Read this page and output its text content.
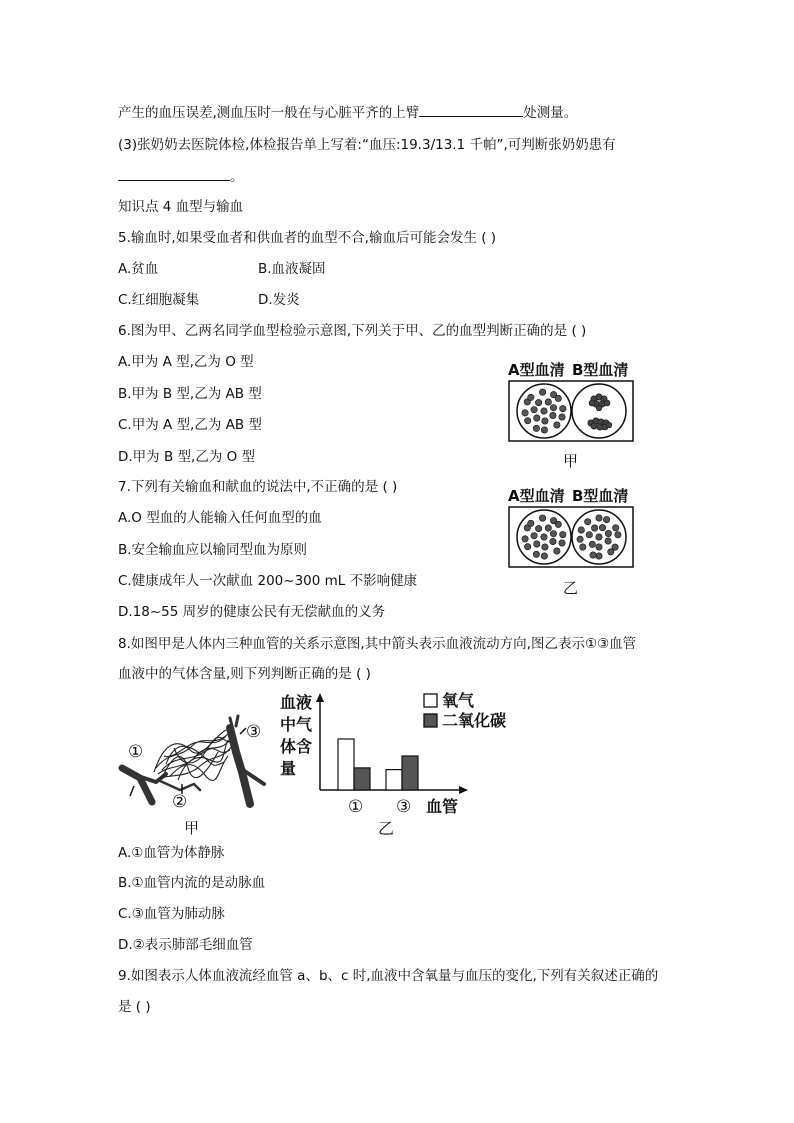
产生的血压误差,测血压时一般在与心脏平齐的上臂	处测量。
(3)张奶奶去医院体检,体检报告单上写着:“血压:19.3/13.1 千帕”,可判断张奶奶患有
。
知识点 4 血型与输血
5.输血时,如果受血者和供血者的血型不合,输血后可能会发生 ( )
A.贫血	B.血液凝固
C.红细胞凝集	D.发炎
6.图为甲、乙两名同学血型检验示意图,下列关于甲、乙的血型判断正确的是 ( )
A.甲为 A 型,乙为 O 型
B.甲为 B 型,乙为 AB 型
C.甲为 A 型,乙为 AB 型
D.甲为 B 型,乙为 O 型
7.下列有关输血和献血的说法中,不正确的是 ( )
A.O 型血的人能输入任何血型的血
B.安全输血应以输同型血为原则
C.健康成年人一次献血 200~300 mL 不影响健康
D.18~55 周岁的健康公民有无偿献血的义务
8.如图甲是人体内三种血管的关系示意图,其中箭头表示血液流动方向,图乙表示①③血管
血液中的气体含量,则下列判断正确的是 ( )
A.①血管为体静脉
B.①血管内流的是动脉血
C.③血管为肺动脉
D.②表示肺部毛细血管
9.如图表示人体血液流经血管 a、b、c 时,血液中含氧量与血压的变化,下列有关叙述正确的
是 ( )
A型血清 B型血清
甲
A型血清 B型血清
乙
①
③
②
甲
血液
中气
体含
量
① ③ 血管
氧气
二氧化碳
乙
